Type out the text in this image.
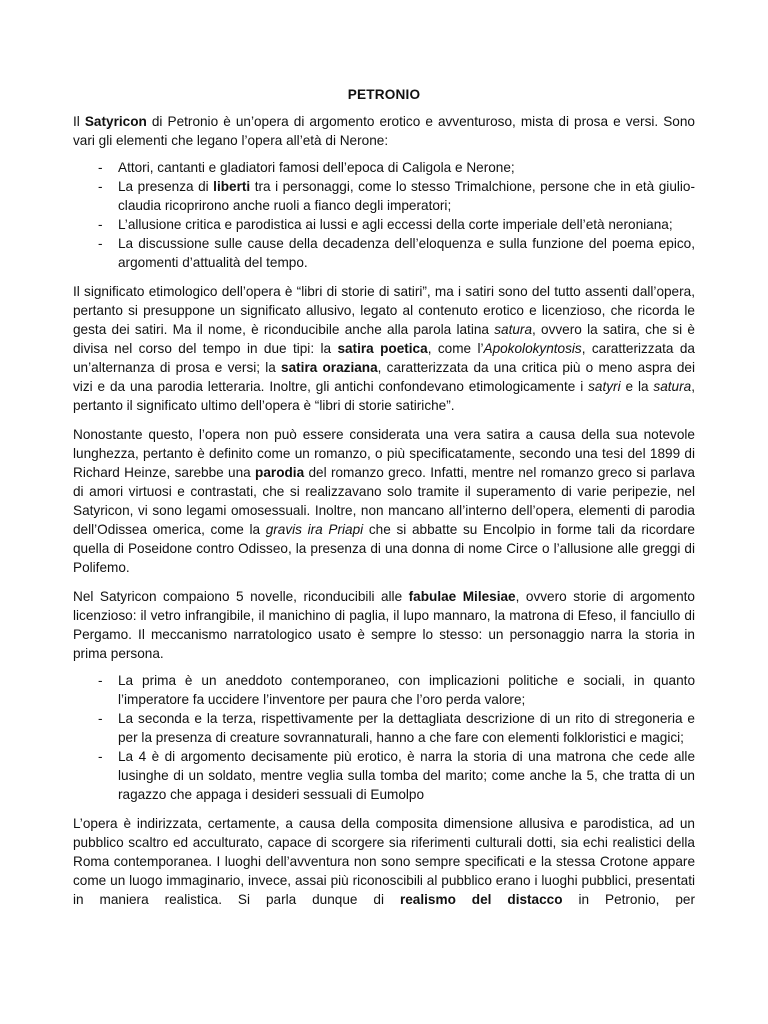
PETRONIO

Il Satyricon di Petronio è un’opera di argomento erotico e avventuroso, mista di prosa e versi. Sono vari gli elementi che legano l’opera all’età di Nerone:

- Attori, cantanti e gladiatori famosi dell’epoca di Caligola e Nerone;
- La presenza di liberti tra i personaggi, come lo stesso Trimalchione, persone che in età giulio-claudia ricoprirono anche ruoli a fianco degli imperatori;
- L’allusione critica e parodistica ai lussi e agli eccessi della corte imperiale dell’età neroniana;
- La discussione sulle cause della decadenza dell’eloquenza e sulla funzione del poema epico, argomenti d’attualità del tempo.

Il significato etimologico dell’opera è “libri di storie di satiri”, ma i satiri sono del tutto assenti dall’opera, pertanto si presuppone un significato allusivo, legato al contenuto erotico e licenzioso, che ricorda le gesta dei satiri. Ma il nome, è riconducibile anche alla parola latina satura, ovvero la satira, che si è divisa nel corso del tempo in due tipi: la satira poetica, come l’Apokolokyntosis, caratterizzata da un’alternanza di prosa e versi; la satira oraziana, caratterizzata da una critica più o meno aspra dei vizi e da una parodia letteraria. Inoltre, gli antichi confondevano etimologicamente i satyri e la satura, pertanto il significato ultimo dell’opera è “libri di storie satiriche”.

Nonostante questo, l’opera non può essere considerata una vera satira a causa della sua notevole lunghezza, pertanto è definito come un romanzo, o più specificatamente, secondo una tesi del 1899 di Richard Heinze, sarebbe una parodia del romanzo greco. Infatti, mentre nel romanzo greco si parlava di amori virtuosi e contrastati, che si realizzavano solo tramite il superamento di varie peripezie, nel Satyricon, vi sono legami omosessuali. Inoltre, non mancano all’interno dell’opera, elementi di parodia dell’Odissea omerica, come la gravis ira Priapi che si abbatte su Encolpio in forme tali da ricordare quella di Poseidone contro Odisseo, la presenza di una donna di nome Circe o l’allusione alle greggi di Polifemo.

Nel Satyricon compaiono 5 novelle, riconducibili alle fabulae Milesiae, ovvero storie di argomento licenzioso: il vetro infrangibile, il manichino di paglia, il lupo mannaro, la matrona di Efeso, il fanciullo di Pergamo. Il meccanismo narratologico usato è sempre lo stesso: un personaggio narra la storia in prima persona.

- La prima è un aneddoto contemporaneo, con implicazioni politiche e sociali, in quanto l’imperatore fa uccidere l’inventore per paura che l’oro perda valore;
- La seconda e la terza, rispettivamente per la dettagliata descrizione di un rito di stregoneria e per la presenza di creature sovrannaturali, hanno a che fare con elementi folkloristici e magici;
- La 4 è di argomento decisamente più erotico, è narra la storia di una matrona che cede alle lusinghe di un soldato, mentre veglia sulla tomba del marito; come anche la 5, che tratta di un ragazzo che appaga i desideri sessuali di Eumolpo

L’opera è indirizzata, certamente, a causa della composita dimensione allusiva e parodistica, ad un pubblico scaltro ed acculturato, capace di scorgere sia riferimenti culturali dotti, sia echi realistici della Roma contemporanea. I luoghi dell’avventura non sono sempre specificati e la stessa Crotone appare come un luogo immaginario, invece, assai più riconoscibili al pubblico erano i luoghi pubblici, presentati in maniera realistica. Si parla dunque di realismo del distacco in Petronio, per
